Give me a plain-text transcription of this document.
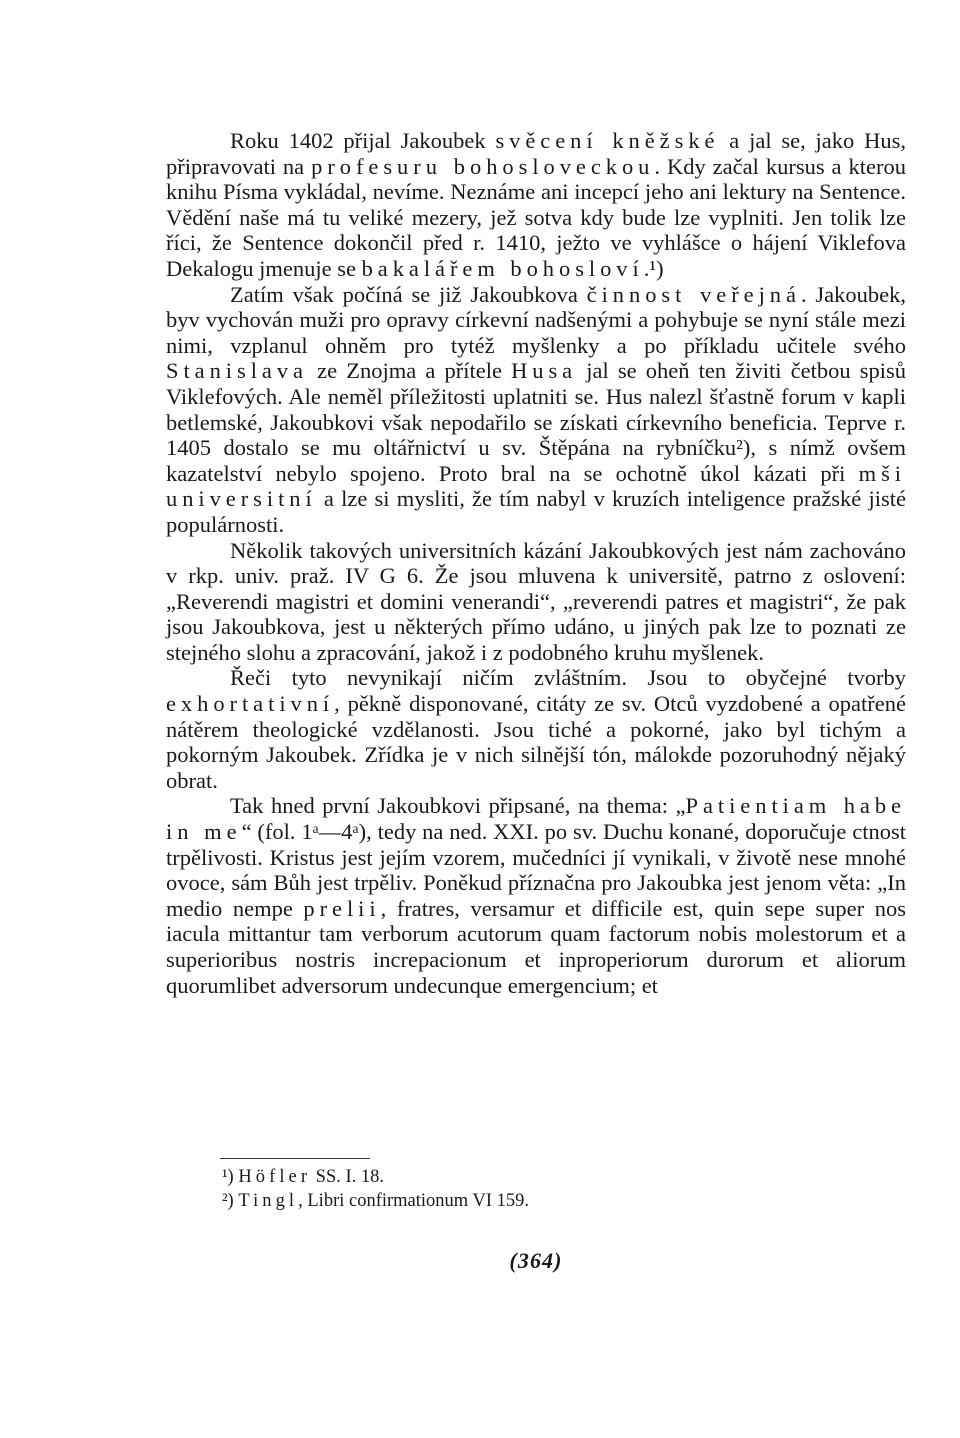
Roku 1402 přijal Jakoubek svěcení kněžské a jal se, jako Hus, připravovati na profesuru bohosloveckou. Kdy začal kursus a kterou knihu Písma vykládal, nevíme. Neznáme ani incepcí jeho ani lektury na Sentence. Vědění naše má tu veliké mezery, jež sotva kdy bude lze vyplniti. Jen tolik lze říci, že Sentence dokončil před r. 1410, ježto ve vyhlášce o hájení Viklefova Dekalogu jmenuje se bakalářem bohosloví.¹)

Zatím však počíná se již Jakoubkova činnost veřejná. Jakoubek, byv vychován muži pro opravy církevní nadšenými a pohybuje se nyní stále mezi nimi, vzplanul ohněm pro tytéž myšlenky a po příkladu učitele svého Stanislava ze Znojma a přítele Husa jal se oheň ten živiti četbou spisů Viklefových. Ale neměl příležitosti uplatniti se. Hus nalezl šťastně forum v kapli betlemské, Jakoubkovi však nepodařilo se získati církevního beneficia. Teprve r. 1405 dostalo se mu oltářnictví u sv. Štěpána na rybníčku²), s nímž ovšem kazatelství nebylo spojeno. Proto bral na se ochotně úkol kázati při mši universitní a lze si mysliti, že tím nabyl v kruzích inteligence pražské jisté populárnosti.

Několik takových universitních kázání Jakoubkových jest nám zachováno v rkp. univ. praž. IV G 6. Že jsou mluvena k universitě, patrno z oslovení: „Reverendi magistri et domini venerandi“, „reverendi patres et magistri“, že pak jsou Jakoubkova, jest u některých přímo udáno, u jiných pak lze to poznati ze stejného slohu a zpracování, jakož i z podobného kruhu myšlenek.

Řeči tyto nevynikají ničím zvláštním. Jsou to obyčejné tvorby exhortativní, pěkně disponované, citáty ze sv. Otců vyzdobené a opatřené nátěrem theologické vzdělanosti. Jsou tiché a pokorné, jako byl tichým a pokorným Jakoubek. Zřídka je v nich silnější tón, málokde pozoruhodný nějaký obrat.

Tak hned první Jakoubkovi připsané, na thema: „Patientiam habe in me“ (fol. 1ᵃ—4ᵃ), tedy na ned. XXI. po sv. Duchu konané, doporučuje ctnost trpělivosti. Kristus jest jejím vzorem, mučedníci jí vynikali, v životě nese mnohé ovoce, sám Bůh jest trpěliv. Poněkud příznačna pro Jakoubka jest jenom věta: „In medio nempe prelii, fratres, versamur et difficile est, quin sepe super nos iacula mittantur tam verborum acutorum quam factorum nobis molestorum et a superioribus nostris increpacionum et inproperiorum durorum et aliorum quorumlibet adversorum undecunque emergencium; et

¹) Höfler SS. I. 18.
²) Tingl, Libri confirmationum VI 159.
(364)
